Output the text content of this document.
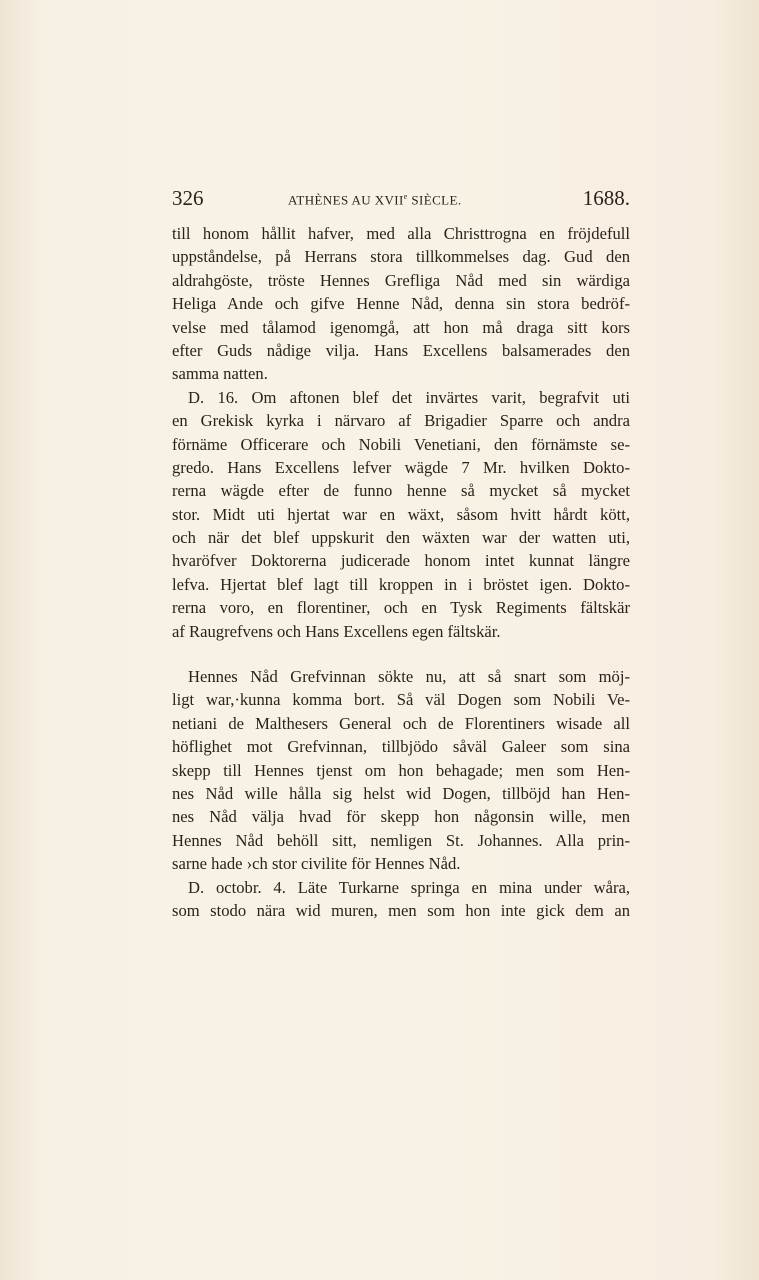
326	ATHÈNES AU XVIIe SIÈCLE.	1688.
till honom hållit hafver, med alla Christtrogna en fröjdefull
uppståndelse, på Herrans stora tillkommelses dag. Gud den
aldrahgöste, tröste Hennes Grefliga Nåd med sin wärdiga
Heliga Ande och gifve Henne Nåd, denna sin stora bedröf-
velse med tålamod igenomgå, att hon må draga sitt kors
efter Guds nådige vilja. Hans Excellens balsamerades den
samma natten.
D. 16. Om aftonen blef det invärtes varit, begrafvit uti
en Grekisk kyrka i närvaro af Brigadier Sparre och andra
förnäme Officerare och Nobili Venetiani, den förnämste se-
gredo. Hans Excellens lefver wägde 7 Mr. hvilken Dokto-
rerna wägde efter de funno henne så mycket så mycket
stor. Midt uti hjertat war en wäxt, såsom hvitt hårdt kött,
och när det blef uppskurit den wäxten war der watten uti,
hvaröfver Doktorerna judicerade honom intet kunnat längre
lefva. Hjertat blef lagt till kroppen in i bröstet igen. Dokto-
rerna voro, en florentiner, och en Tysk Regiments fältskär
af Raugrefvens och Hans Excellens egen fältskär.
Hennes Nåd Grefvinnan sökte nu, att så snart som möj-
ligt war,·kunna komma bort. Så väl Dogen som Nobili Ve-
netiani de Malthesers General och de Florentiners wisade all
höflighet mot Grefvinnan, tillbjödo såväl Galeer som sina
skepp till Hennes tjenst om hon behagade; men som Hen-
nes Nåd wille hålla sig helst wid Dogen, tillböjd han Hen-
nes Nåd välja hvad för skepp hon någonsin wille, men
Hennes Nåd behöll sitt, nemligen St. Johannes. Alla prin-
sarne hade ›ch stor civilite för Hennes Nåd.
D. octobr. 4. Läte Turkarne springa en mina under wåra,
som stodo nära wid muren, men som hon inte gick dem an
